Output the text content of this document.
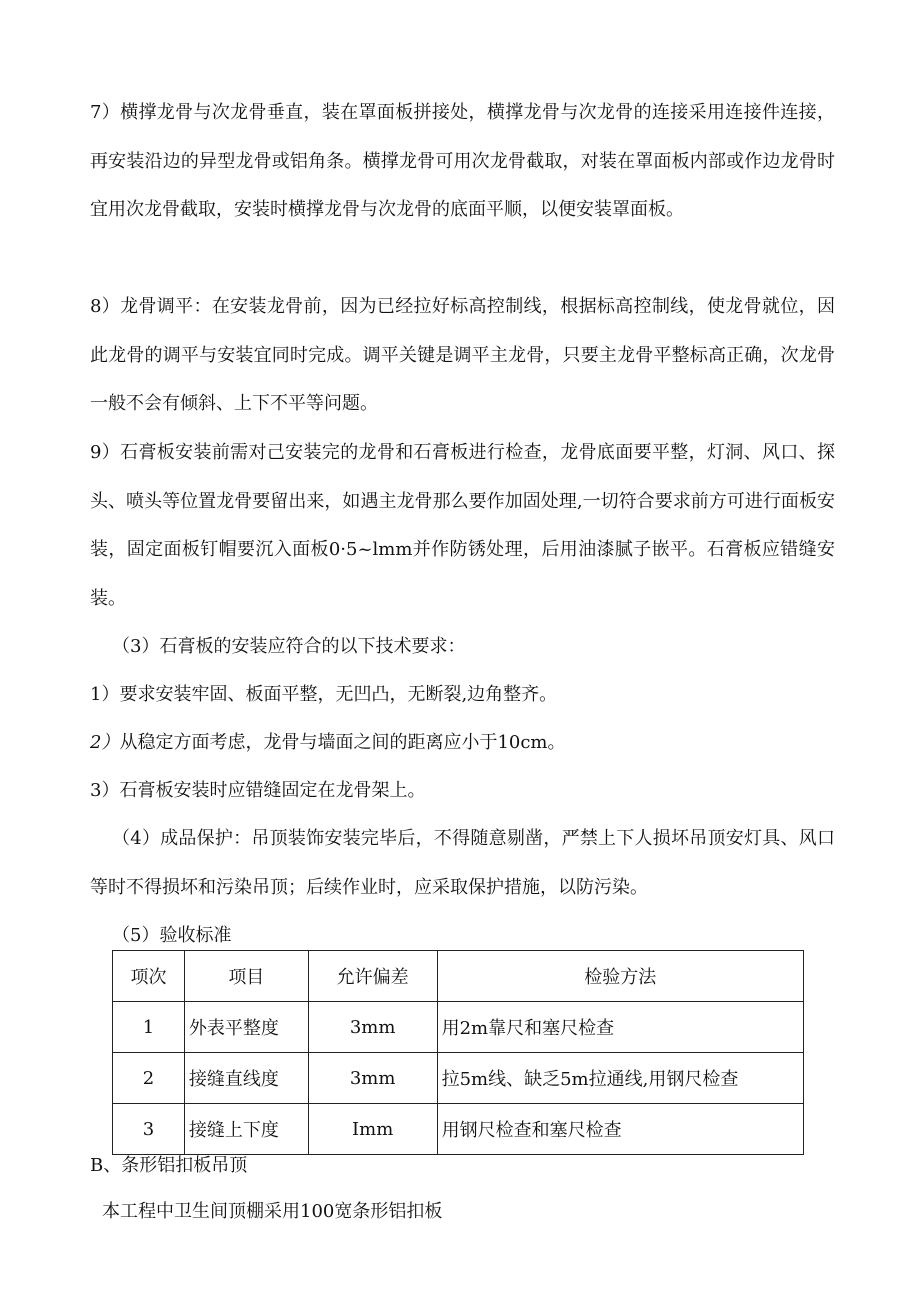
7）横撑龙骨与次龙骨垂直，装在罩面板拼接处，横撑龙骨与次龙骨的连接采用连接件连接，再安装沿边的异型龙骨或铝角条。横撑龙骨可用次龙骨截取，对装在罩面板内部或作边龙骨时宜用次龙骨截取，安装时横撑龙骨与次龙骨的底面平顺，以便安装罩面板。

8）龙骨调平：在安装龙骨前，因为已经拉好标高控制线，根据标高控制线，使龙骨就位，因此龙骨的调平与安装宜同时完成。调平关键是调平主龙骨，只要主龙骨平整标高正确，次龙骨一般不会有倾斜、上下不平等问题。

9）石膏板安装前需对己安装完的龙骨和石膏板进行检查，龙骨底面要平整，灯洞、风口、探头、喷头等位置龙骨要留出来，如遇主龙骨那么要作加固处理,一切符合要求前方可进行面板安装，固定面板钉帽要沉入面板0·5~lmm并作防锈处理，后用油漆腻子嵌平。石膏板应错缝安装。

（3）石膏板的安装应符合的以下技术要求：

1）要求安装牢固、板面平整，无凹凸，无断裂,边角整齐。

2）从稳定方面考虑，龙骨与墙面之间的距离应小于10cm。

3）石膏板安装时应错缝固定在龙骨架上。

（4）成品保护：吊顶装饰安装完毕后，不得随意剔凿，严禁上下人损坏吊顶安灯具、风口等时不得损坏和污染吊顶；后续作业时，应采取保护措施，以防污染。

（5）验收标准

项次	项目	允许偏差	检验方法
1	外表平整度	3mm	用2m靠尺和塞尺检查
2	接缝直线度	3mm	拉5m线、缺乏5m拉通线,用钢尺检查
3	接缝上下度	Imm	用钢尺检查和塞尺检查

B、条形铝扣板吊顶

本工程中卫生间顶棚采用100宽条形铝扣板
